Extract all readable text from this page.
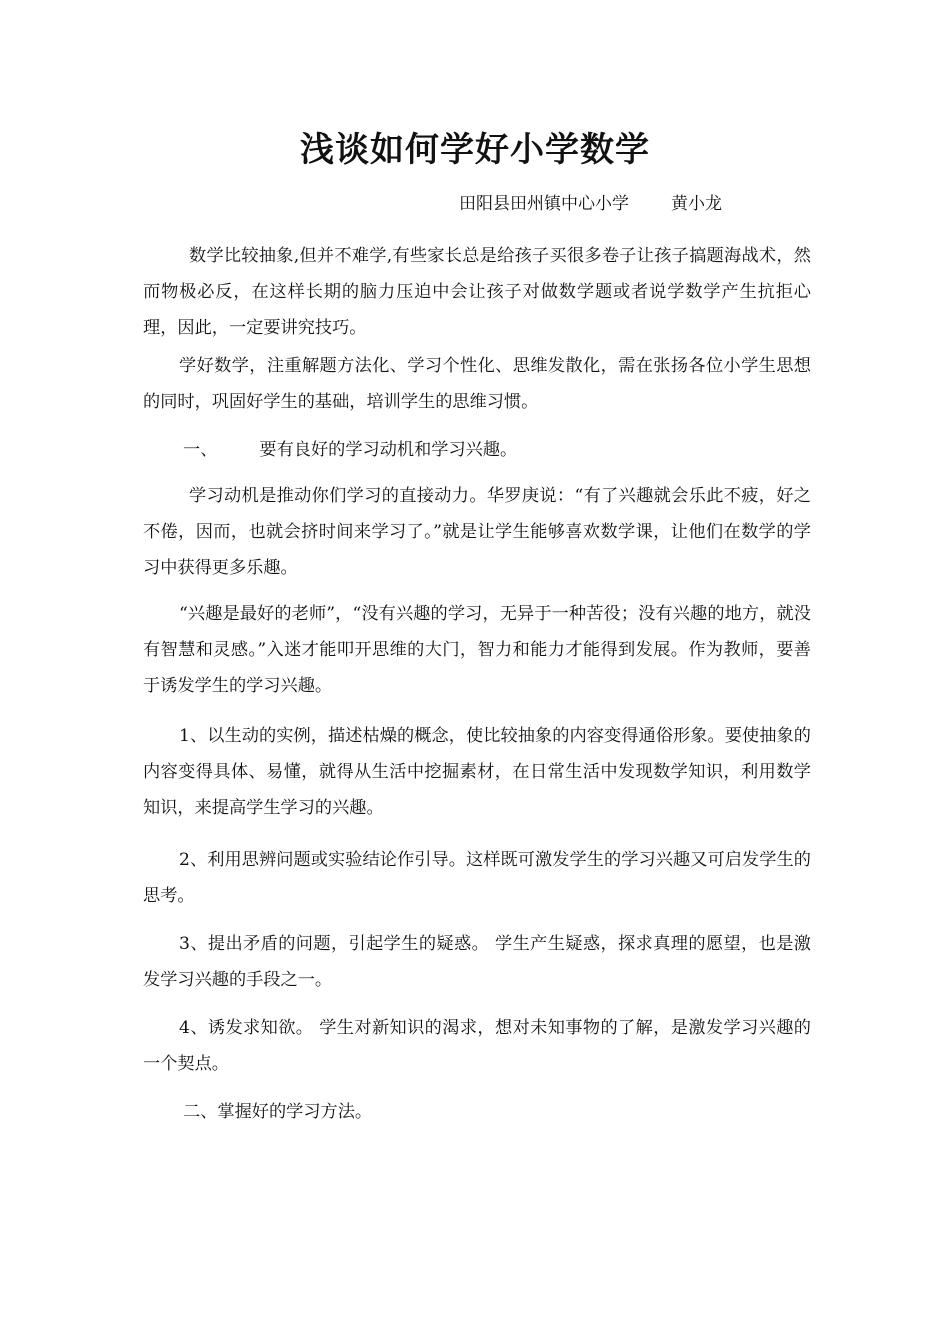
浅谈如何学好小学数学
田阳县田州镇中心小学 黄小龙

数学比较抽象,但并不难学,有些家长总是给孩子买很多卷子让孩子搞题海战术，然而物极必反，在这样长期的脑力压迫中会让孩子对做数学题或者说学数学产生抗拒心理，因此，一定要讲究技巧。

学好数学，注重解题方法化、学习个性化、思维发散化，需在张扬各位小学生思想的同时，巩固好学生的基础，培训学生的思维习惯。

一、 要有良好的学习动机和学习兴趣。

学习动机是推动你们学习的直接动力。华罗庚说：“有了兴趣就会乐此不疲，好之不倦，因而，也就会挤时间来学习了。”就是让学生能够喜欢数学课，让他们在数学的学习中获得更多乐趣。

“兴趣是最好的老师”，“没有兴趣的学习，无异于一种苦役；没有兴趣的地方，就没有智慧和灵感。”入迷才能叩开思维的大门，智力和能力才能得到发展。作为教师，要善于诱发学生的学习兴趣。

1、以生动的实例，描述枯燥的概念，使比较抽象的内容变得通俗形象。要使抽象的内容变得具体、易懂，就得从生活中挖掘素材，在日常生活中发现数学知识，利用数学知识，来提高学生学习的兴趣。

2、利用思辨问题或实验结论作引导。这样既可激发学生的学习兴趣又可启发学生的思考。

3、提出矛盾的问题，引起学生的疑惑。 学生产生疑惑，探求真理的愿望，也是激发学习兴趣的手段之一。

4、诱发求知欲。 学生对新知识的渴求，想对未知事物的了解，是激发学习兴趣的一个契点。

二、掌握好的学习方法。
